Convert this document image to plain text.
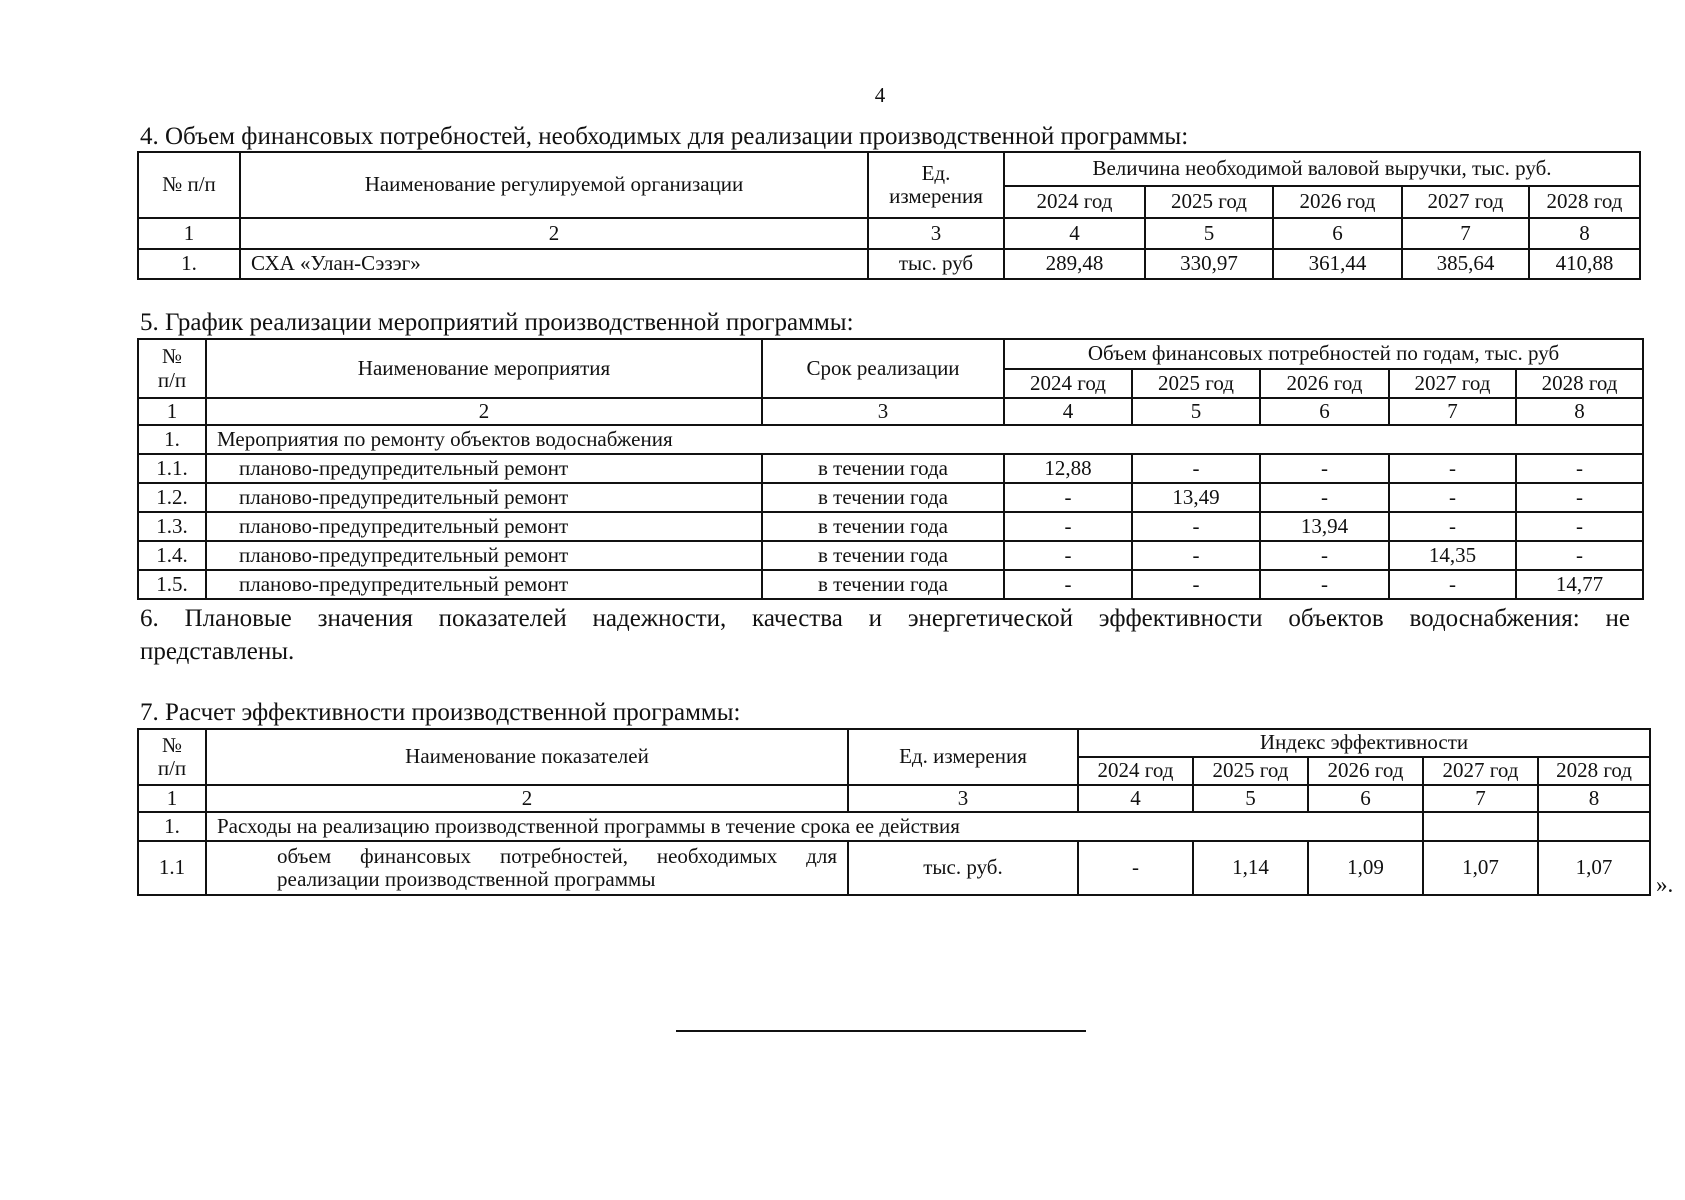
4
4. Объем финансовых потребностей, необходимых для реализации производственной программы:
№ п/п	Наименование регулируемой организации	Ед.
измерения	Величина необходимой валовой выручки, тыс. руб.				
			2024 год	2025 год	2026 год	2027 год	2028 год
1	2	3	4	5	6	7	8
1.	СХА «Улан-Сэзэг»	тыс. руб	289,48	330,97	361,44	385,64	410,88
5. График реализации мероприятий производственной программы:
№
п/п	Наименование мероприятия	Срок реализации	Объем финансовых потребностей по годам, тыс. руб				
			2024 год	2025 год	2026 год	2027 год	2028 год
1	2	3	4	5	6	7	8
1.	Мероприятия по ремонту объектов водоснабжения						
1.1.	планово-предупредительный ремонт	в течении года	12,88	-	-	-	-
1.2.	планово-предупредительный ремонт	в течении года	-	13,49	-	-	-
1.3.	планово-предупредительный ремонт	в течении года	-	-	13,94	-	-
1.4.	планово-предупредительный ремонт	в течении года	-	-	-	14,35	-
1.5.	планово-предупредительный ремонт	в течении года	-	-	-	-	14,77
6. Плановые значения показателей надежности, качества и энергетической эффективности объектов водоснабжения: не
представлены.
7. Расчет эффективности производственной программы:
№
п/п	Наименование показателей	Ед. измерения	Индекс эффективности				
			2024 год	2025 год	2026 год	2027 год	2028 год
1	2	3	4	5	6	7	8
1.	Расходы на реализацию производственной программы в течение срока ее действия						
1.1	объем финансовых потребностей, необходимых для
реализации производственной программы	тыс. руб.	-	1,14	1,09	1,07	1,07
».
